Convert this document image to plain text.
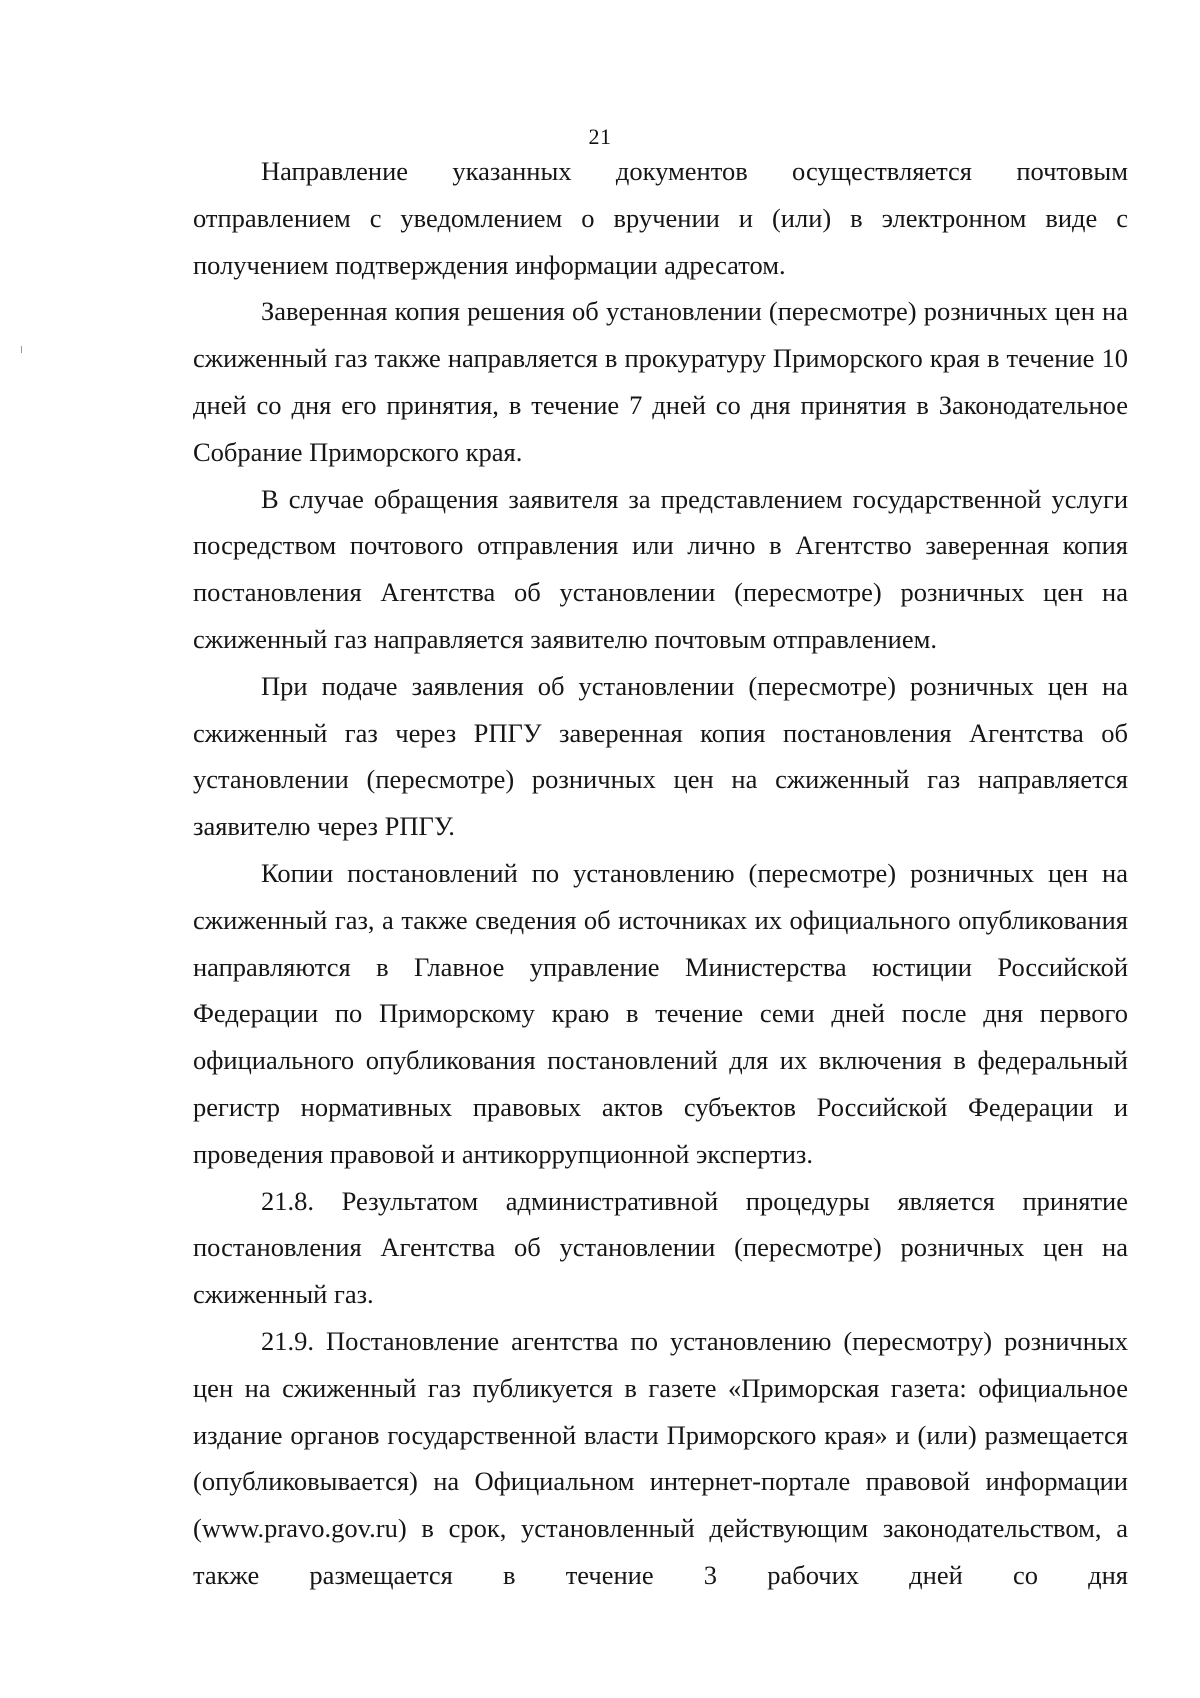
21

Направление указанных документов осуществляется почтовым отправлением с уведомлением о вручении и (или) в электронном виде с получением подтверждения информации адресатом.

Заверенная копия решения об установлении (пересмотре) розничных цен на сжиженный газ также направляется в прокуратуру Приморского края в течение 10 дней со дня его принятия, в течение 7 дней со дня принятия в Законодательное Собрание Приморского края.

В случае обращения заявителя за представлением государственной услуги посредством почтового отправления или лично в Агентство заверенная копия постановления Агентства об установлении (пересмотре) розничных цен на сжиженный газ направляется заявителю почтовым отправлением.

При подаче заявления об установлении (пересмотре) розничных цен на сжиженный газ через РПГУ заверенная копия постановления Агентства об установлении (пересмотре) розничных цен на сжиженный газ направляется заявителю через РПГУ.

Копии постановлений по установлению (пересмотре) розничных цен на сжиженный газ, а также сведения об источниках их официального опубликования направляются в Главное управление Министерства юстиции Российской Федерации по Приморскому краю в течение семи дней после дня первого официального опубликования постановлений для их включения в федеральный регистр нормативных правовых актов субъектов Российской Федерации и проведения правовой и антикоррупционной экспертиз.

21.8. Результатом административной процедуры является принятие постановления Агентства об установлении (пересмотре) розничных цен на сжиженный газ.

21.9. Постановление агентства по установлению (пересмотру) розничных цен на сжиженный газ публикуется в газете «Приморская газета: официальное издание органов государственной власти Приморского края» и (или) размещается (опубликовывается) на Официальном интернет-портале правовой информации (www.pravo.gov.ru) в срок, установленный действующим законодательством, а также размещается в течение 3 рабочих дней со дня
